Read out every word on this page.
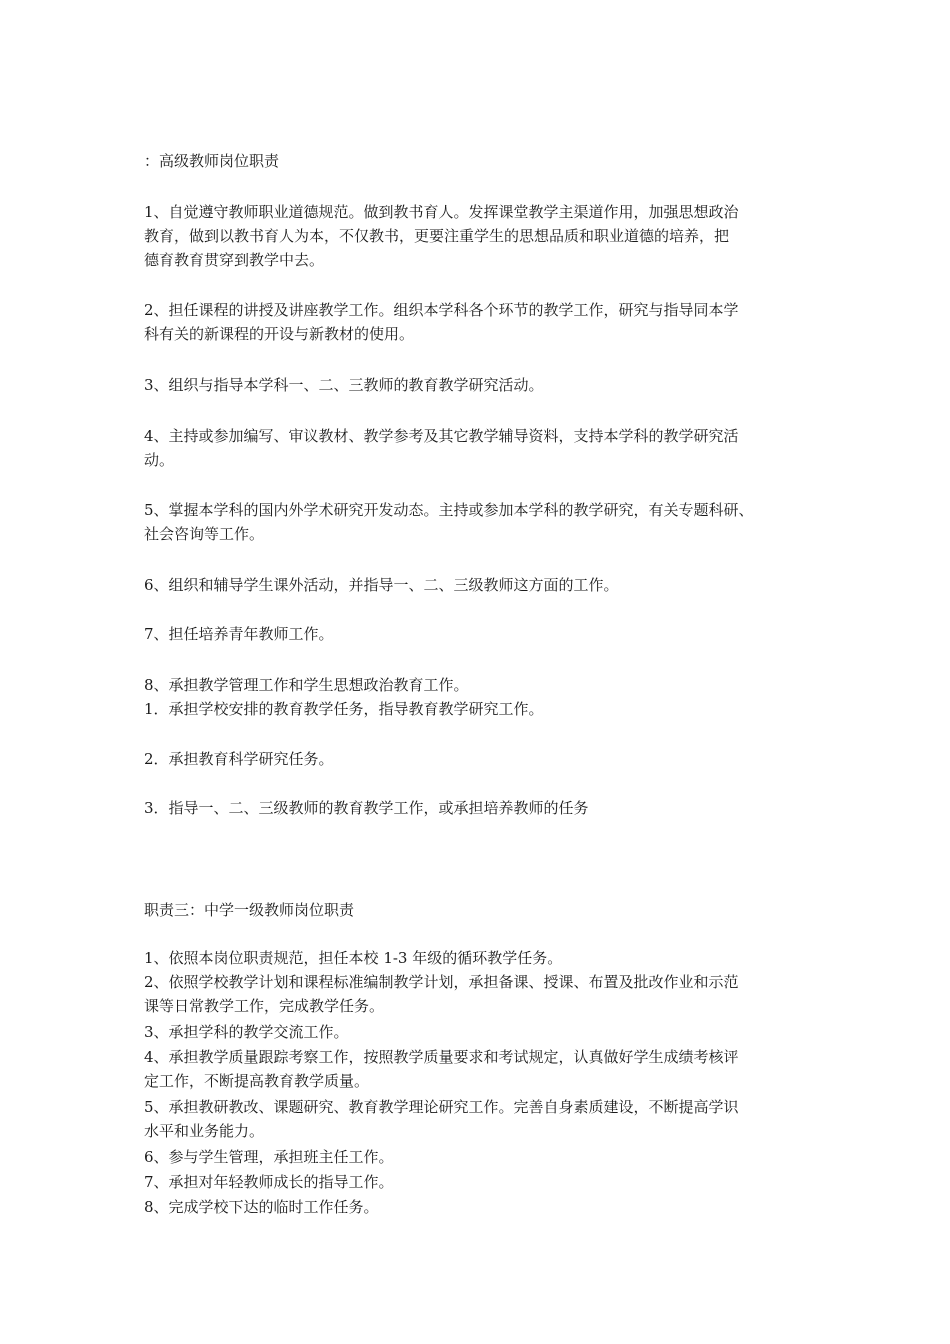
：高级教师岗位职责

1、自觉遵守教师职业道德规范。做到教书育人。发挥课堂教学主渠道作用，加强思想政治
教育，做到以教书育人为本，不仅教书，更要注重学生的思想品质和职业道德的培养，把
德育教育贯穿到教学中去。

2、担任课程的讲授及讲座教学工作。组织本学科各个环节的教学工作，研究与指导同本学
科有关的新课程的开设与新教材的使用。

3、组织与指导本学科一、二、三教师的教育教学研究活动。

4、主持或参加编写、审议教材、教学参考及其它教学辅导资料，支持本学科的教学研究活
动。

5、掌握本学科的国内外学术研究开发动态。主持或参加本学科的教学研究，有关专题科研、
社会咨询等工作。

6、组织和辅导学生课外活动，并指导一、二、三级教师这方面的工作。

7、担任培养青年教师工作。

8、承担教学管理工作和学生思想政治教育工作。

1．承担学校安排的教育教学任务，指导教育教学研究工作。

2．承担教育科学研究任务。

3．指导一、二、三级教师的教育教学工作，或承担培养教师的任务

职责三：中学一级教师岗位职责

1、依照本岗位职责规范，担任本校 1-3 年级的循环教学任务。

2、依照学校教学计划和课程标准编制教学计划，承担备课、授课、布置及批改作业和示范
课等日常教学工作，完成教学任务。

3、承担学科的教学交流工作。

4、承担教学质量跟踪考察工作，按照教学质量要求和考试规定，认真做好学生成绩考核评
定工作，不断提高教育教学质量。

5、承担教研教改、课题研究、教育教学理论研究工作。完善自身素质建设，不断提高学识
水平和业务能力。

6、参与学生管理，承担班主任工作。

7、承担对年轻教师成长的指导工作。

8、完成学校下达的临时工作任务。
